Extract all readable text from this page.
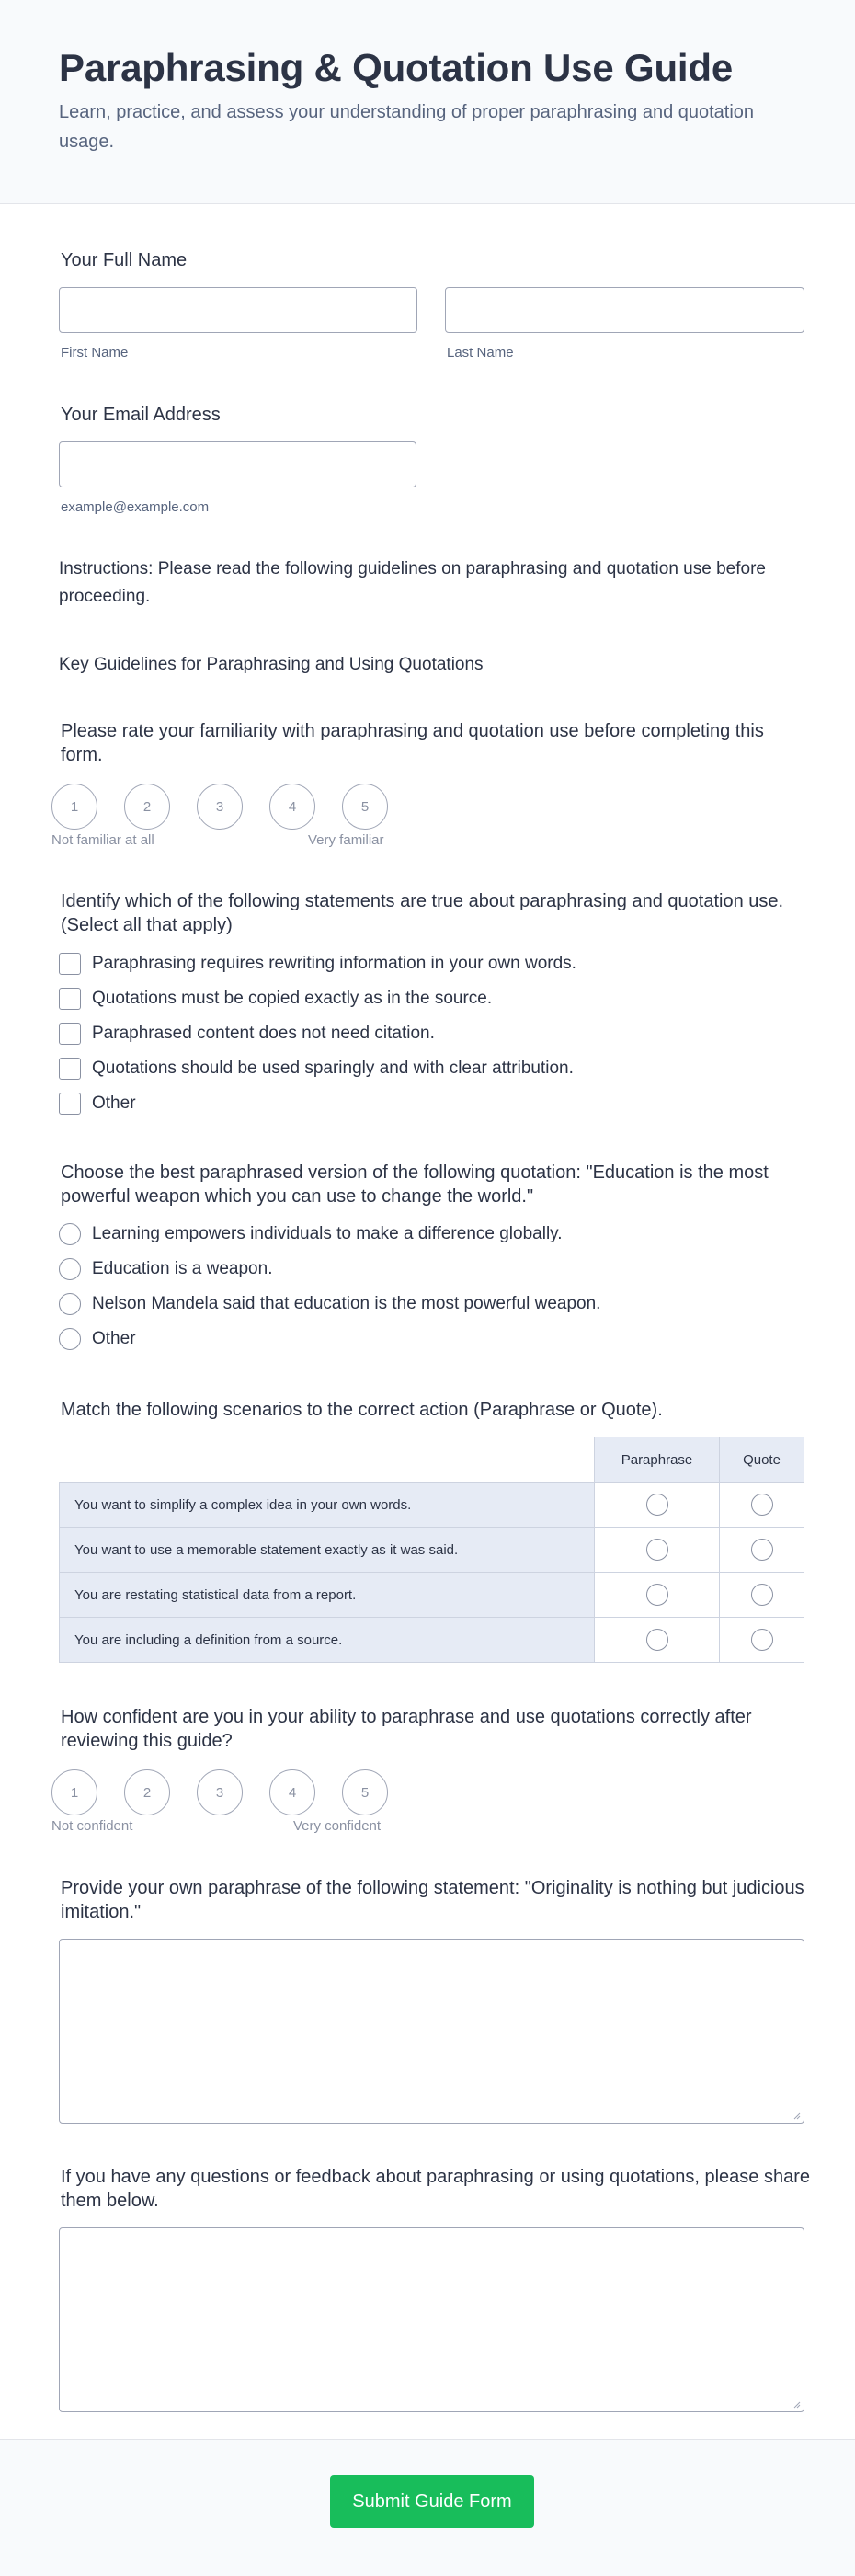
Paraphrasing & Quotation Use Guide

Learn, practice, and assess your understanding of proper paraphrasing and quotation usage.

Your Full Name
First Name	Last Name
Your Email Address
example@example.com
Instructions: Please read the following guidelines on paraphrasing and quotation use before proceeding.
Key Guidelines for Paraphrasing and Using Quotations
Please rate your familiarity with paraphrasing and quotation use before completing this form.
1	2	3	4	5
Not familiar at all	Very familiar
Identify which of the following statements are true about paraphrasing and quotation use. (Select all that apply)
Paraphrasing requires rewriting information in your own words.
Quotations must be copied exactly as in the source.
Paraphrased content does not need citation.
Quotations should be used sparingly and with clear attribution.
Other
Choose the best paraphrased version of the following quotation: "Education is the most powerful weapon which you can use to change the world."
Learning empowers individuals to make a difference globally.
Education is a weapon.
Nelson Mandela said that education is the most powerful weapon.
Other
Match the following scenarios to the correct action (Paraphrase or Quote).
Paraphrase	Quote
You want to simplify a complex idea in your own words.
You want to use a memorable statement exactly as it was said.
You are restating statistical data from a report.
You are including a definition from a source.
How confident are you in your ability to paraphrase and use quotations correctly after reviewing this guide?
1	2	3	4	5
Not confident	Very confident
Provide your own paraphrase of the following statement: "Originality is nothing but judicious imitation."
If you have any questions or feedback about paraphrasing or using quotations, please share them below.
Submit Guide Form
